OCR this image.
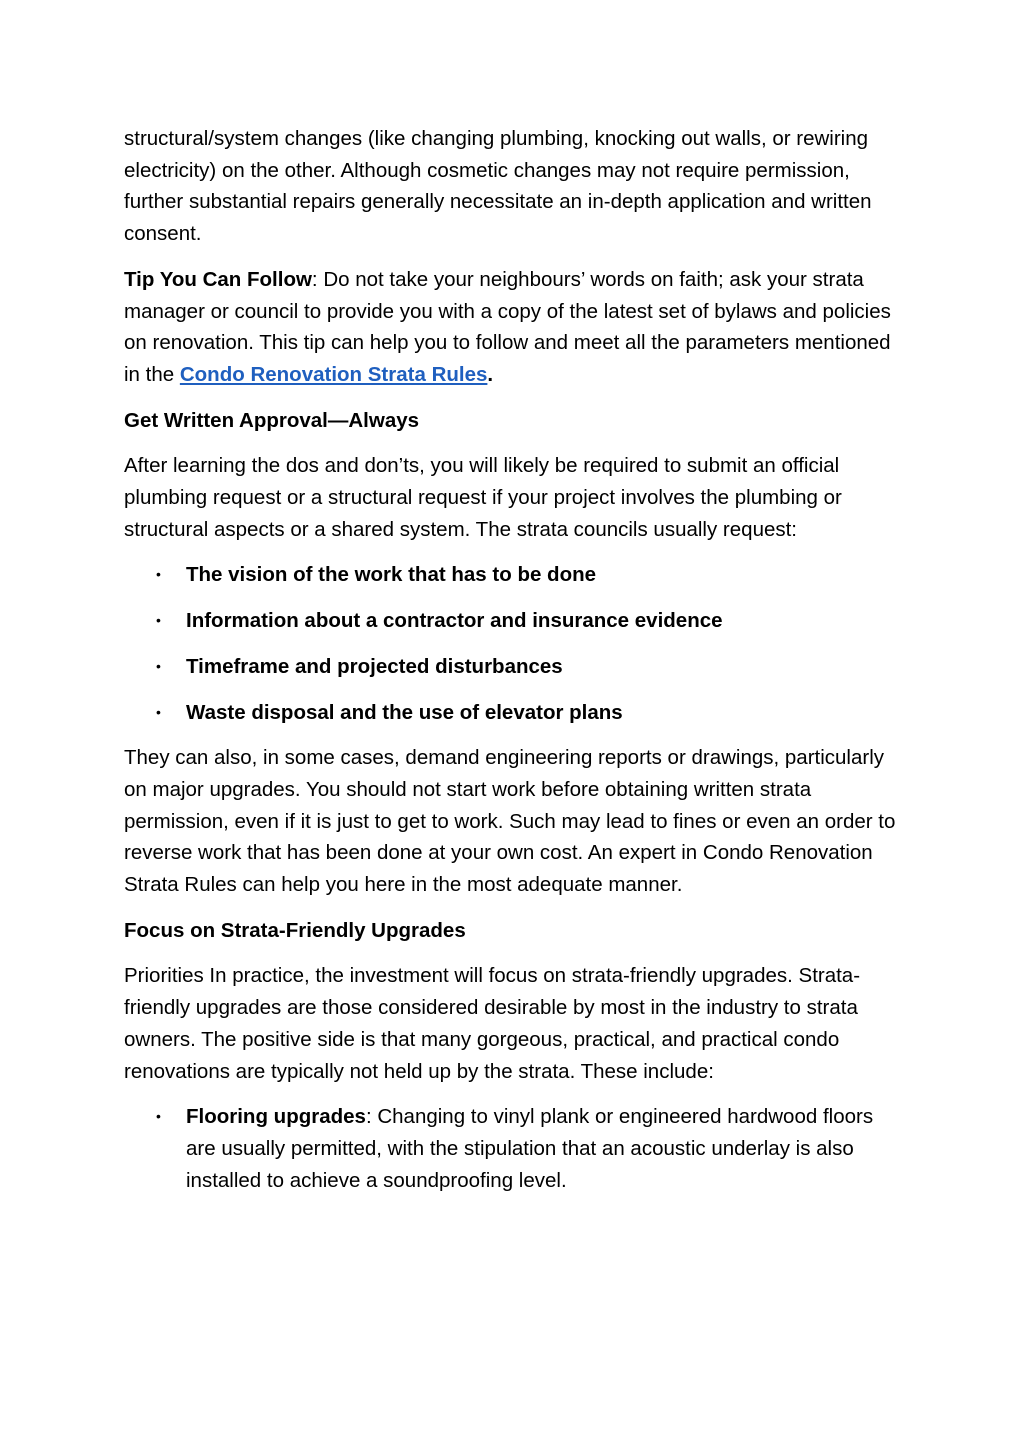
structural/system changes (like changing plumbing, knocking out walls, or rewiring electricity) on the other. Although cosmetic changes may not require permission, further substantial repairs generally necessitate an in-depth application and written consent.

Tip You Can Follow: Do not take your neighbours’ words on faith; ask your strata manager or council to provide you with a copy of the latest set of bylaws and policies on renovation. This tip can help you to follow and meet all the parameters mentioned in the Condo Renovation Strata Rules.

Get Written Approval—Always

After learning the dos and don’ts, you will likely be required to submit an official plumbing request or a structural request if your project involves the plumbing or structural aspects or a shared system. The strata councils usually request:

• The vision of the work that has to be done
• Information about a contractor and insurance evidence
• Timeframe and projected disturbances
• Waste disposal and the use of elevator plans

They can also, in some cases, demand engineering reports or drawings, particularly on major upgrades. You should not start work before obtaining written strata permission, even if it is just to get to work. Such may lead to fines or even an order to reverse work that has been done at your own cost. An expert in Condo Renovation Strata Rules can help you here in the most adequate manner.

Focus on Strata-Friendly Upgrades

Priorities In practice, the investment will focus on strata-friendly upgrades. Strata-friendly upgrades are those considered desirable by most in the industry to strata owners. The positive side is that many gorgeous, practical, and practical condo renovations are typically not held up by the strata. These include:

• Flooring upgrades: Changing to vinyl plank or engineered hardwood floors are usually permitted, with the stipulation that an acoustic underlay is also installed to achieve a soundproofing level.
